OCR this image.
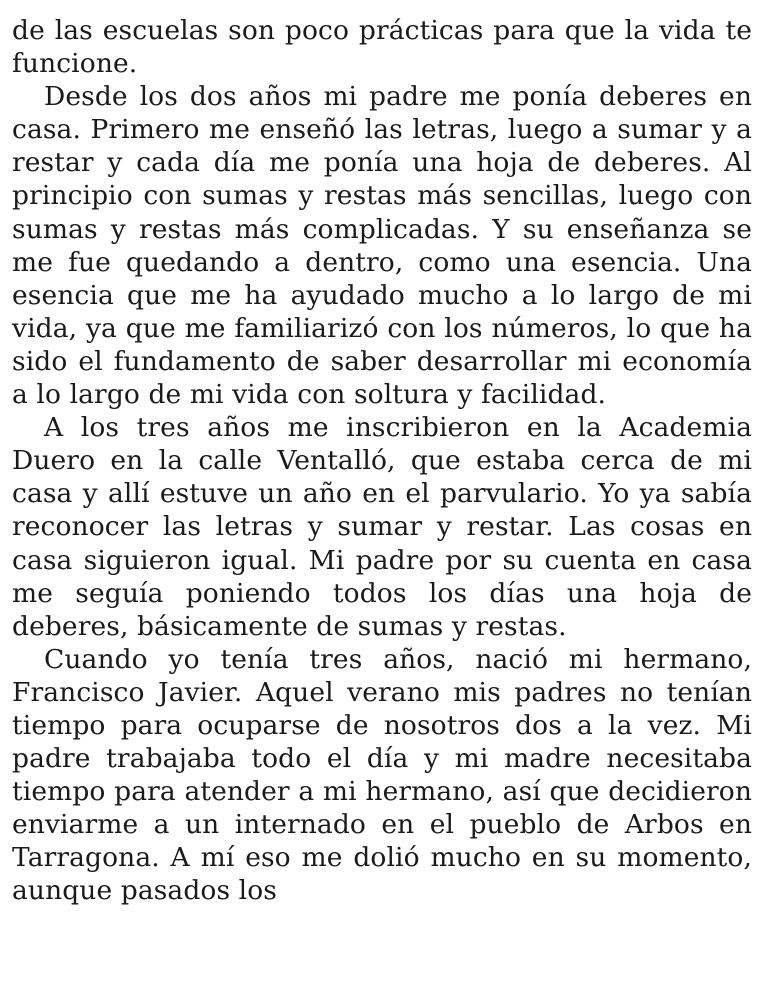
de las escuelas son poco prácticas para que la vida te funcione.

Desde los dos años mi padre me ponía deberes en casa. Primero me enseñó las letras, luego a sumar y a restar y cada día me ponía una hoja de deberes. Al principio con sumas y restas más sencillas, luego con sumas y restas más complicadas. Y su enseñanza se me fue quedando a dentro, como una esencia. Una esencia que me ha ayudado mucho a lo largo de mi vida, ya que me familiarizó con los números, lo que ha sido el fundamento de saber desarrollar mi economía a lo largo de mi vida con soltura y facilidad.

A los tres años me inscribieron en la Academia Duero en la calle Ventalló, que estaba cerca de mi casa y allí estuve un año en el parvulario. Yo ya sabía reconocer las letras y sumar y restar. Las cosas en casa siguieron igual. Mi padre por su cuenta en casa me seguía poniendo todos los días una hoja de deberes, básicamente de sumas y restas.

Cuando yo tenía tres años, nació mi hermano, Francisco Javier. Aquel verano mis padres no tenían tiempo para ocuparse de nosotros dos a la vez. Mi padre trabajaba todo el día y mi madre necesitaba tiempo para atender a mi hermano, así que decidieron enviarme a un internado en el pueblo de Arbos en Tarragona. A mí eso me dolió mucho en su momento, aunque pasados los
